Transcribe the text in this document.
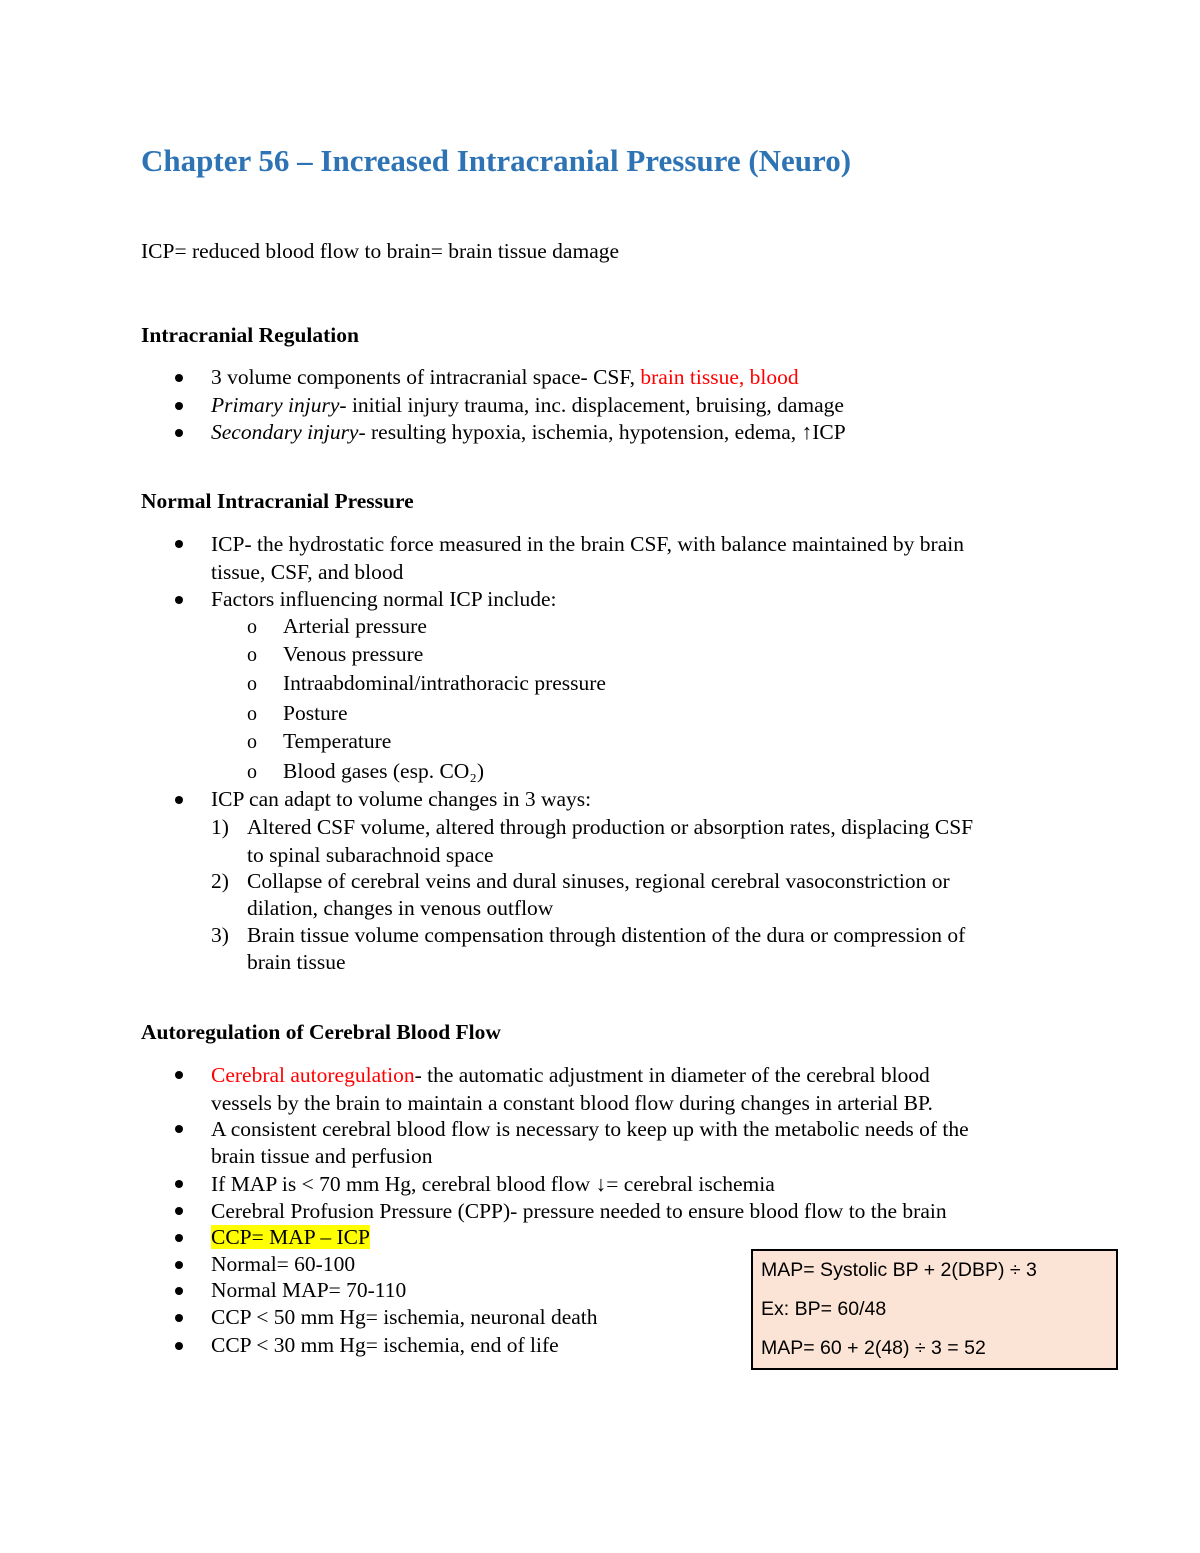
Chapter 56 – Increased Intracranial Pressure (Neuro)
ICP= reduced blood flow to brain= brain tissue damage
Intracranial Regulation
3 volume components of intracranial space- CSF, brain tissue, blood
Primary injury- initial injury trauma, inc. displacement, bruising, damage
Secondary injury- resulting hypoxia, ischemia, hypotension, edema, ↑ICP
Normal Intracranial Pressure
ICP- the hydrostatic force measured in the brain CSF, with balance maintained by brain
tissue, CSF, and blood
Factors influencing normal ICP include:
o Arterial pressure
o Venous pressure
o Intraabdominal/intrathoracic pressure
o Posture
o Temperature
o Blood gases (esp. CO₂)
ICP can adapt to volume changes in 3 ways:
1) Altered CSF volume, altered through production or absorption rates, displacing CSF
to spinal subarachnoid space
2) Collapse of cerebral veins and dural sinuses, regional cerebral vasoconstriction or
dilation, changes in venous outflow
3) Brain tissue volume compensation through distention of the dura or compression of
brain tissue
Autoregulation of Cerebral Blood Flow
Cerebral autoregulation- the automatic adjustment in diameter of the cerebral blood
vessels by the brain to maintain a constant blood flow during changes in arterial BP.
A consistent cerebral blood flow is necessary to keep up with the metabolic needs of the
brain tissue and perfusion
If MAP is < 70 mm Hg, cerebral blood flow ↓= cerebral ischemia
Cerebral Profusion Pressure (CPP)- pressure needed to ensure blood flow to the brain
CCP= MAP – ICP
Normal= 60-100
Normal MAP= 70-110
CCP < 50 mm Hg= ischemia, neuronal death
CCP < 30 mm Hg= ischemia, end of life
MAP= Systolic BP + 2(DBP) ÷ 3
Ex: BP= 60/48
MAP= 60 + 2(48) ÷ 3 = 52
